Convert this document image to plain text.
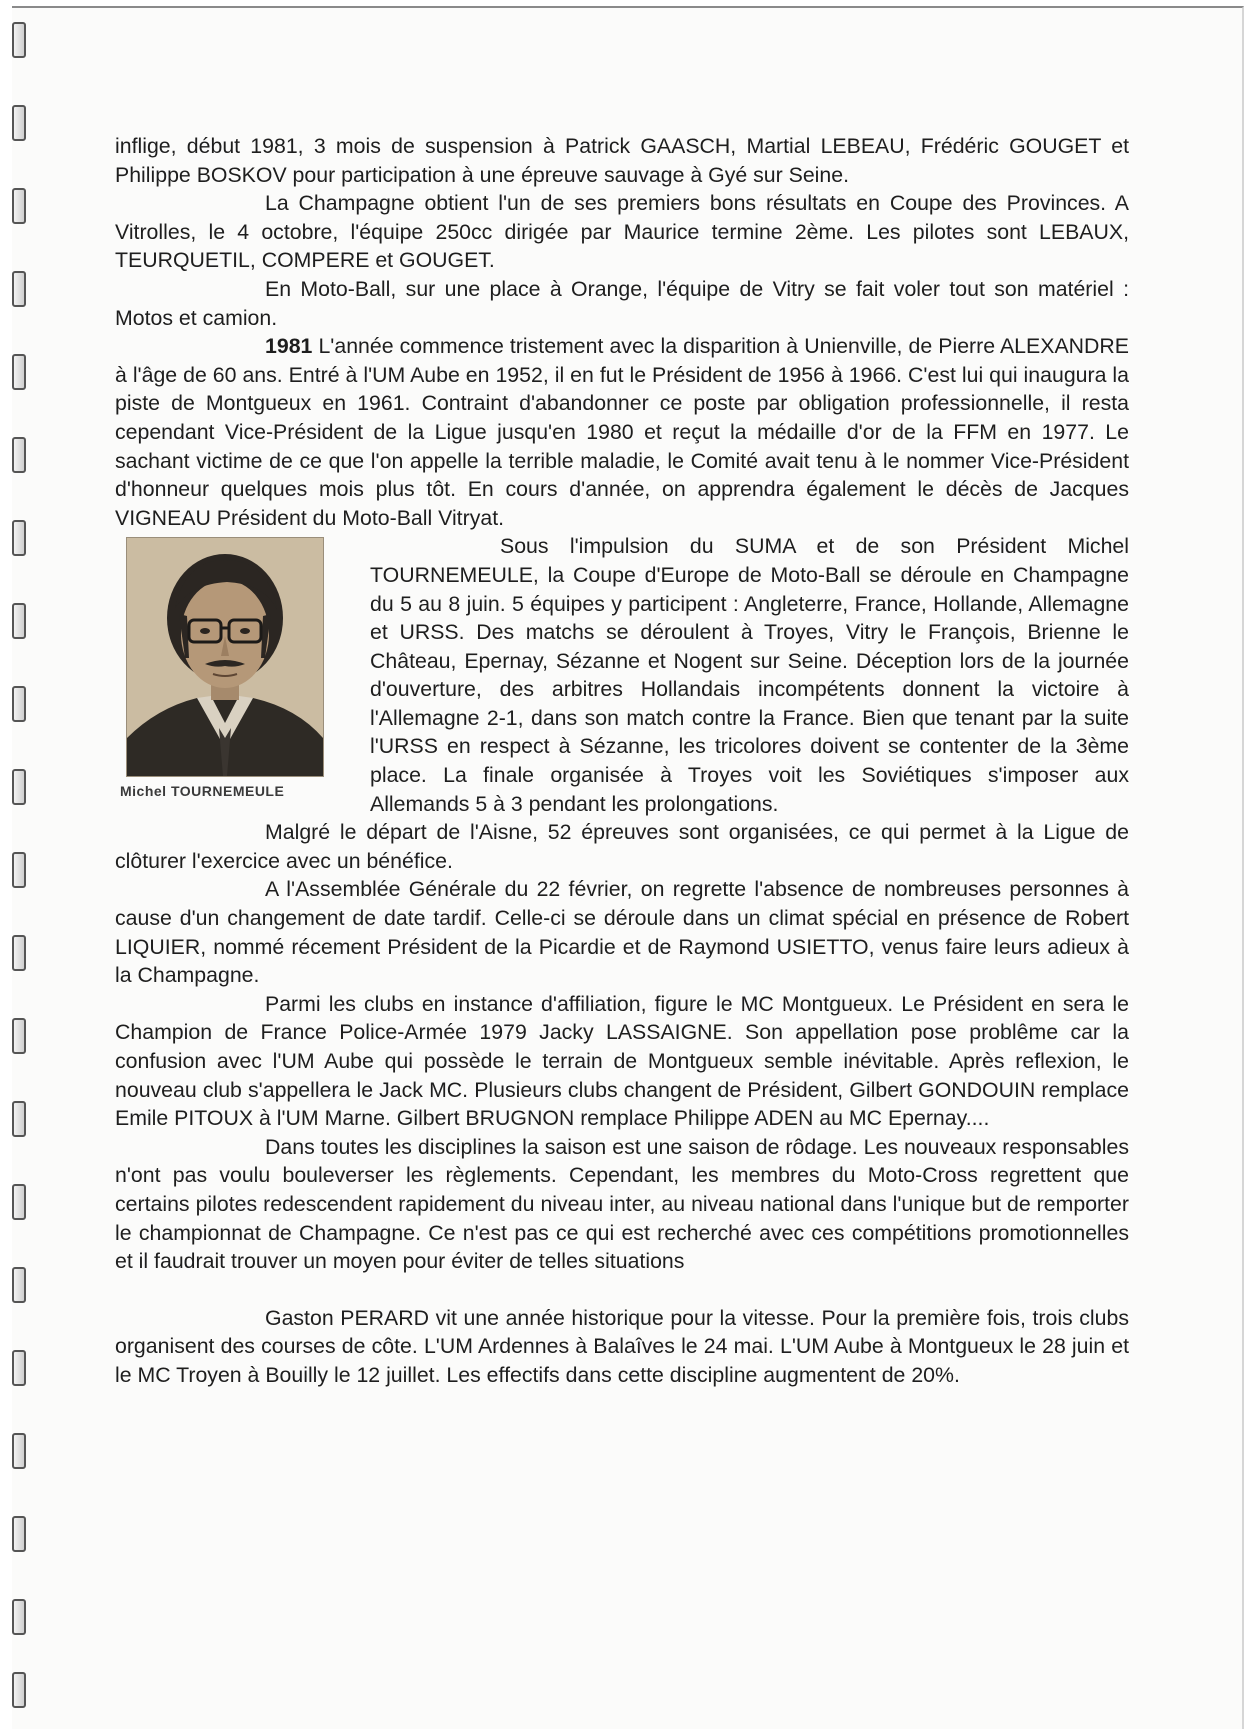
inflige, début 1981, 3 mois de suspension à Patrick GAASCH, Martial LEBEAU, Frédéric GOUGET et Philippe BOSKOV pour participation à une épreuve sauvage à Gyé sur Seine.

La Champagne obtient l'un de ses premiers bons résultats en Coupe des Provinces. A Vitrolles, le 4 octobre, l'équipe 250cc dirigée par Maurice termine 2ème. Les pilotes sont LEBAUX, TEURQUETIL, COMPERE et GOUGET.

En Moto-Ball, sur une place à Orange, l'équipe de Vitry se fait voler tout son matériel : Motos et camion.

1981 L'année commence tristement avec la disparition à Unienville, de Pierre ALEXANDRE à l'âge de 60 ans. Entré à l'UM Aube en 1952, il en fut le Président de 1956 à 1966. C'est lui qui inaugura la piste de Montgueux en 1961. Contraint d'abandonner ce poste par obligation professionnelle, il resta cependant Vice-Président de la Ligue jusqu'en 1980 et reçut la médaille d'or de la FFM en 1977. Le sachant victime de ce que l'on appelle la terrible maladie, le Comité avait tenu à le nommer Vice-Président d'honneur quelques mois plus tôt. En cours d'année, on apprendra également le décès de Jacques VIGNEAU Président du Moto-Ball Vitryat.

Michel TOURNEMEULE

Sous l'impulsion du SUMA et de son Président Michel TOURNEMEULE, la Coupe d'Europe de Moto-Ball se déroule en Champagne du 5 au 8 juin. 5 équipes y participent : Angleterre, France, Hollande, Allemagne et URSS. Des matchs se déroulent à Troyes, Vitry le François, Brienne le Château, Epernay, Sézanne et Nogent sur Seine. Déception lors de la journée d'ouverture, des arbitres Hollandais incompétents donnent la victoire à l'Allemagne 2-1, dans son match contre la France. Bien que tenant par la suite l'URSS en respect à Sézanne, les tricolores doivent se contenter de la 3ème place. La finale organisée à Troyes voit les Soviétiques s'imposer aux Allemands 5 à 3 pendant les prolongations.

Malgré le départ de l'Aisne, 52 épreuves sont organisées, ce qui permet à la Ligue de clôturer l'exercice avec un bénéfice.

A l'Assemblée Générale du 22 février, on regrette l'absence de nombreuses personnes à cause d'un changement de date tardif. Celle-ci se déroule dans un climat spécial en présence de Robert LIQUIER, nommé récement Président de la Picardie et de Raymond USIETTO, venus faire leurs adieux à la Champagne.

Parmi les clubs en instance d'affiliation, figure le MC Montgueux. Le Président en sera le Champion de France Police-Armée 1979 Jacky LASSAIGNE. Son appellation pose problême car la confusion avec l'UM Aube qui possède le terrain de Montgueux semble inévitable. Après reflexion, le nouveau club s'appellera le Jack MC. Plusieurs clubs changent de Président, Gilbert GONDOUIN remplace Emile PITOUX à l'UM Marne. Gilbert BRUGNON remplace Philippe ADEN au MC Epernay....

Dans toutes les disciplines la saison est une saison de rôdage. Les nouveaux responsables n'ont pas voulu bouleverser les règlements. Cependant, les membres du Moto-Cross regrettent que certains pilotes redescendent rapidement du niveau inter, au niveau national dans l'unique but de remporter le championnat de Champagne. Ce n'est pas ce qui est recherché avec ces compétitions promotionnelles et il faudrait trouver un moyen pour éviter de telles situations

Gaston PERARD vit une année historique pour la vitesse. Pour la première fois, trois clubs organisent des courses de côte. L'UM Ardennes à Balaîves le 24 mai. L'UM Aube à Montgueux le 28 juin et le MC Troyen à Bouilly le 12 juillet. Les effectifs dans cette discipline augmentent de 20%.
